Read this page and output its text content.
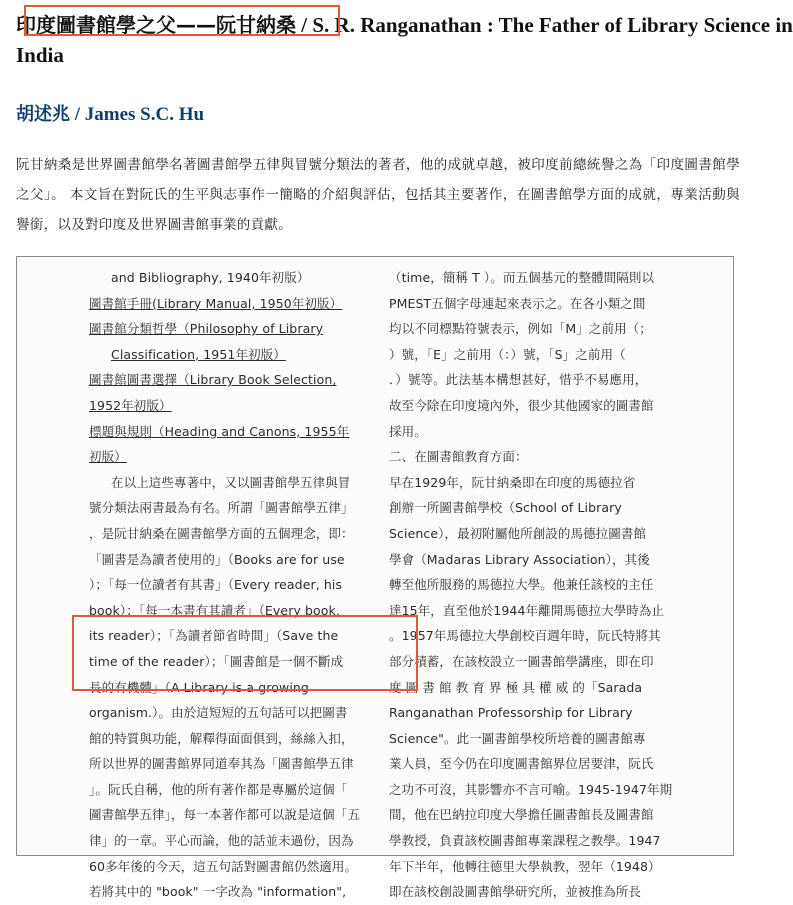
印度圖書館學之父——阮甘納桑 / S. R. Ranganathan : The Father of Library Science in
India
胡述兆 / James S.C. Hu
阮甘納桑是世界圖書館學名著圖書館學五律與冒號分類法的著者，他的成就卓越，被印度前總統譽之為「印度圖書館學之父」。 本文旨在對阮氏的生平與志事作一簡略的介紹與評估，包括其主要著作，在圖書館學方面的成就，專業活動與譽銜，以及對印度及世界圖書館事業的貢獻。
and Bibliography, 1940年初版）
圖書館手冊(Library Manual, 1950年初版）
圖書館分類哲學（Philosophy of Library
Classification, 1951年初版）
圖書館圖書選擇（Library Book Selection,
1952年初版）
標題與規則（Heading and Canons, 1955年
初版）
在以上這些專著中，又以圖書館學五律與冒
號分類法兩書最為有名。所謂「圖書館學五律」
，是阮甘納桑在圖書館學方面的五個理念，即：
「圖書是為讀者使用的」（Books are for use
）；「每一位讀者有其書」（Every reader, his
book）；「每一本書有其讀者」（Every book,
its reader）；「為讀者節省時間」（Save the
time of the reader）；「圖書館是一個不斷成
長的有機體」（A Library is a growing
organism.）。由於這短短的五句話可以把圖書
館的特質與功能，解釋得面面俱到，絲絲入扣，
所以世界的圖書館界同道奉其為「圖書館學五律
」。阮氏自稱，他的所有著作都是專屬於這個「
圖書館學五律」，每一本著作都可以說是這個「五
律」的一章。平心而論，他的話並未過份，因為
60多年後的今天，這五句話對圖書館仍然適用。
若將其中的 "book" 一字改為 "information",
（time，簡稱 T ）。而五個基元的整體間隔則以
PMEST五個字母連起來表示之。在各小類之間
均以不同標點符號表示，例如「M」之前用（；
）號，「E」之前用（：）號，「S」之前用（
．）號等。此法基本構想甚好，惜乎不易應用，
故至今除在印度境內外，很少其他國家的圖書館
採用。
二、在圖書館教育方面：
早在1929年，阮甘納桑即在印度的馬德拉省
創辦一所圖書館學校（School of Library
Science），最初附屬他所創設的馬德拉圖書館
學會（Madaras Library Association），其後
轉至他所服務的馬德拉大學。他兼任該校的主任
達15年，直至他於1944年離開馬德拉大學時為止
。1957年馬德拉大學創校百週年時，阮氏特將其
部分積蓄，在該校設立一圖書館學講座，即在印
度 圖 書 館 教 育 界 極 具 權 威 的「Sarada
Ranganathan Professorship for Library
Science"。此一圖書館學校所培養的圖書館專
業人員，至今仍在印度圖書館界位居要津，阮氏
之功不可沒，其影響亦不言可喻。1945-1947年期
間，他在巴納拉印度大學擔任圖書館長及圖書館
學教授，負責該校圖書館專業課程之教學。1947
年下半年，他轉往德里大學執教，翌年（1948）
即在該校創設圖書館學研究所，並被推為所長
